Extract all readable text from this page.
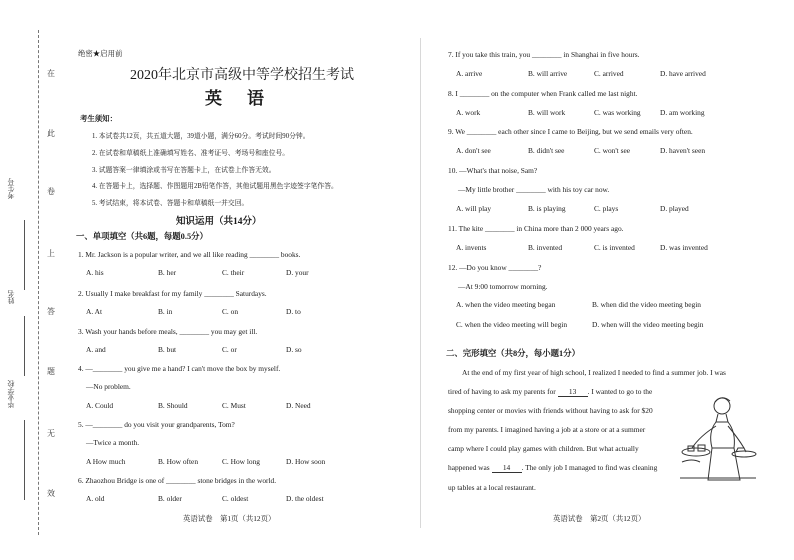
在
此
卷
上
答
题
无
效
考生号
姓名
毕业学校
绝密★启用前
2020年北京市高级中等学校招生考试
英　语
考生须知：
1. 本试卷共12页，共五道大题，39道小题，满分60分。考试时间90分钟。
2. 在试卷和草稿纸上准确填写姓名、准考证号、考场号和座位号。
3. 试题答案一律填涂或书写在答题卡上，在试卷上作答无效。
4. 在答题卡上，选择题、作图题用2B铅笔作答，其他试题用黑色字迹签字笔作答。
5. 考试结束，将本试卷、答题卡和草稿纸一并交回。
知识运用（共14分）
一、单项填空（共6题，每题0.5分）
1. Mr. Jackson is a popular writer, and we all like reading ________ books.
A. his	B. her	C. their	D. your
2. Usually I make breakfast for my family ________ Saturdays.
A. At	B. in	C. on	D. to
3. Wash your hands before meals, ________ you may get ill.
A. and	B. but	C. or	D. so
4. —________ you give me a hand? I can't move the box by myself.
—No problem.
A. Could	B. Should	C. Must	D. Need
5. —________ do you visit your grandparents, Tom?
—Twice a month.
A How much	B. How often	C. How long	D. How soon
6. Zhaozhou Bridge is one of ________ stone bridges in the world.
A. old	B. older	C. oldest	D. the oldest
英语试卷　第1页（共12页）
7. If you take this train, you ________ in Shanghai in five hours.
A. arrive	B. will arrive	C. arrived	D. have arrived
8. I ________ on the computer when Frank called me last night.
A. work	B. will work	C. was working	D. am working
9. We ________ each other since I came to Beijing, but we send emails very often.
A. don't see	B. didn't see	C. won't see	D. haven't seen
10. —What's that noise, Sam?
—My little brother ________ with his toy car now.
A. will play	B. is playing	C. plays	D. played
11. The kite ________ in China more than 2 000 years ago.
A. invents	B. invented	C. is invented	D. was invented
12. —Do you know ________?
—At 9:00 tomorrow morning.
A. when the video meeting began	B. when did the video meeting begin
C. when the video meeting will begin	D. when will the video meeting begin
二、完形填空（共8分，每小题1分）
At the end of my first year of high school, I realized I needed to find a summer job. I was
tired of having to ask my parents for 13 . I wanted to go to the
shopping center or movies with friends without having to ask for $20
from my parents. I imagined having a job at a store or at a summer
camp where I could play games with children. But what actually
happened was 14 . The only job I managed to find was cleaning
up tables at a local restaurant.
英语试卷　第2页（共12页）
